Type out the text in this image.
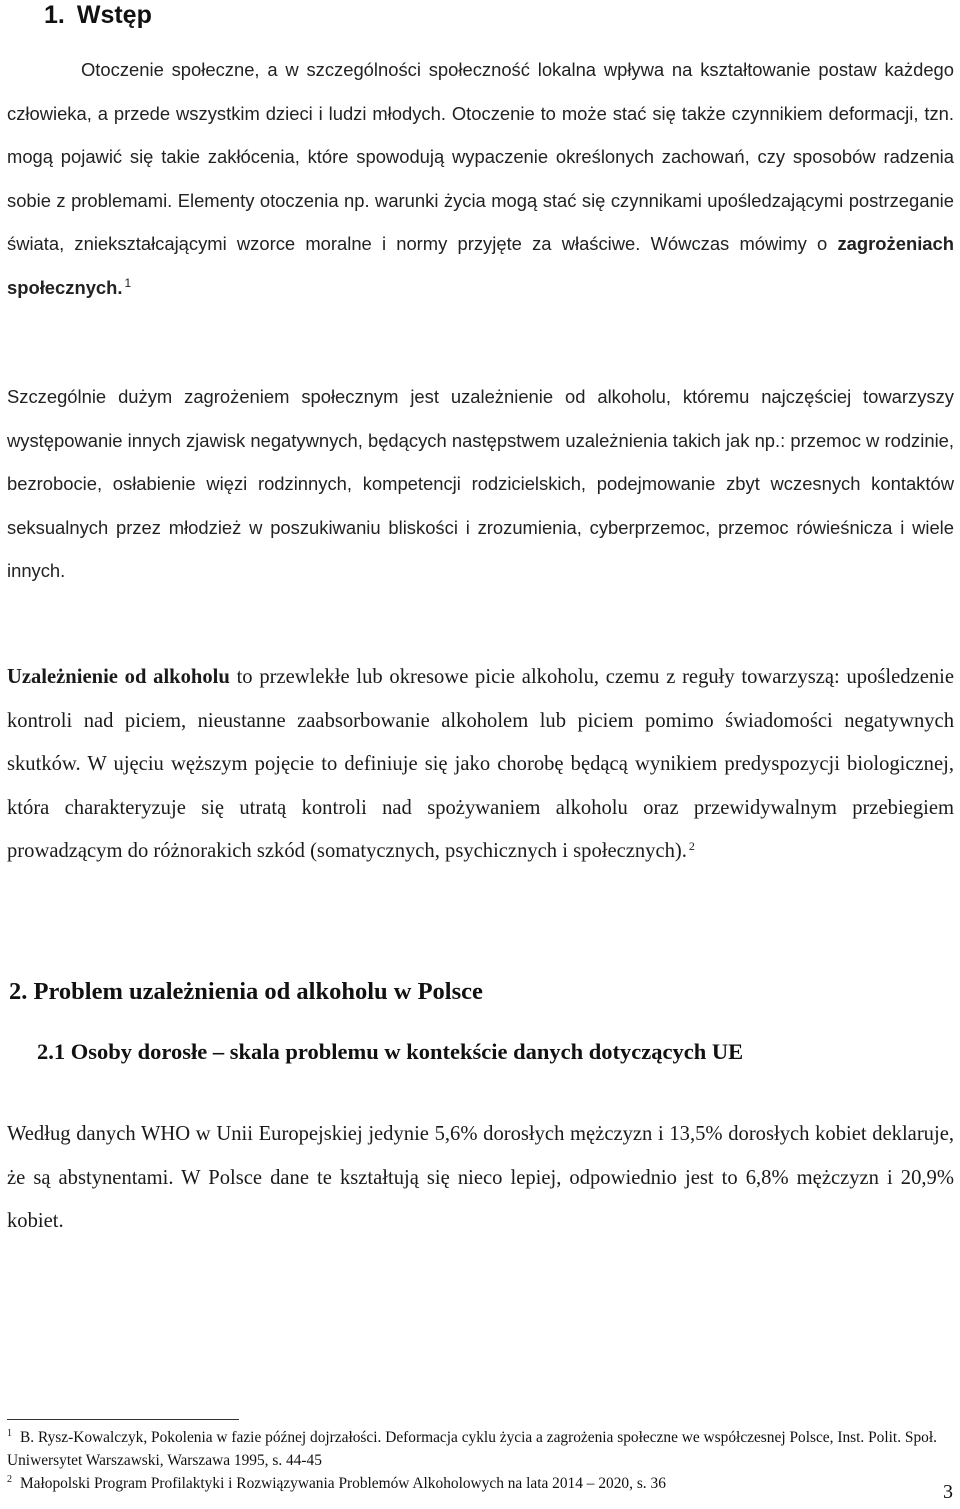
1. Wstęp

Otoczenie społeczne, a w szczególności społeczność lokalna wpływa na kształtowanie postaw każdego człowieka, a przede wszystkim dzieci i ludzi młodych. Otoczenie to może stać się także czynnikiem deformacji, tzn. mogą pojawić się takie zakłócenia, które spowodują wypaczenie określonych zachowań, czy sposobów radzenia sobie z problemami. Elementy otoczenia np. warunki życia mogą stać się czynnikami upośledzającymi postrzeganie świata, zniekształcającymi wzorce moralne i normy przyjęte za właściwe. Wówczas mówimy o zagrożeniach społecznych. $^1$

Szczególnie dużym zagrożeniem społecznym jest uzależnienie od alkoholu, któremu najczęściej towarzyszy występowanie innych zjawisk negatywnych, będących następstwem uzależnienia takich jak np.: przemoc w rodzinie, bezrobocie, osłabienie więzi rodzinnych, kompetencji rodzicielskich, podejmowanie zbyt wczesnych kontaktów seksualnych przez młodzież w poszukiwaniu bliskości i zrozumienia, cyberprzemoc, przemoc rówieśnicza i wiele innych.

Uzależnienie od alkoholu to przewlekłe lub okresowe picie alkoholu, czemu z reguły towarzyszą: upośledzenie kontroli nad piciem, nieustanne zaabsorbowanie alkoholem lub piciem pomimo świadomości negatywnych skutków. W ujęciu węższym pojęcie to definiuje się jako chorobę będącą wynikiem predyspozycji biologicznej, która charakteryzuje się utratą kontroli nad spożywaniem alkoholu oraz przewidywalnym przebiegiem prowadzącym do różnorakich szkód (somatycznych, psychicznych i społecznych). $^2$

2. Problem uzależnienia od alkoholu w Polsce
2.1 Osoby dorosłe – skala problemu w kontekście danych dotyczących UE

Według danych WHO w Unii Europejskiej jedynie 5,6% dorosłych mężczyzn i 13,5% dorosłych kobiet deklaruje, że są abstynentami. W Polsce dane te kształtują się nieco lepiej, odpowiednio jest to 6,8% mężczyzn i 20,9% kobiet.

$^1$ B. Rysz-Kowalczyk, Pokolenia w fazie późnej dojrzałości. Deformacja cyklu życia a zagrożenia społeczne we współczesnej Polsce, Inst. Polit. Społ. Uniwersytet Warszawski, Warszawa 1995, s. 44-45

$^2$ Małopolski Program Profilaktyki i Rozwiązywania Problemów Alkoholowych na lata 2014 – 2020, s. 36	3
